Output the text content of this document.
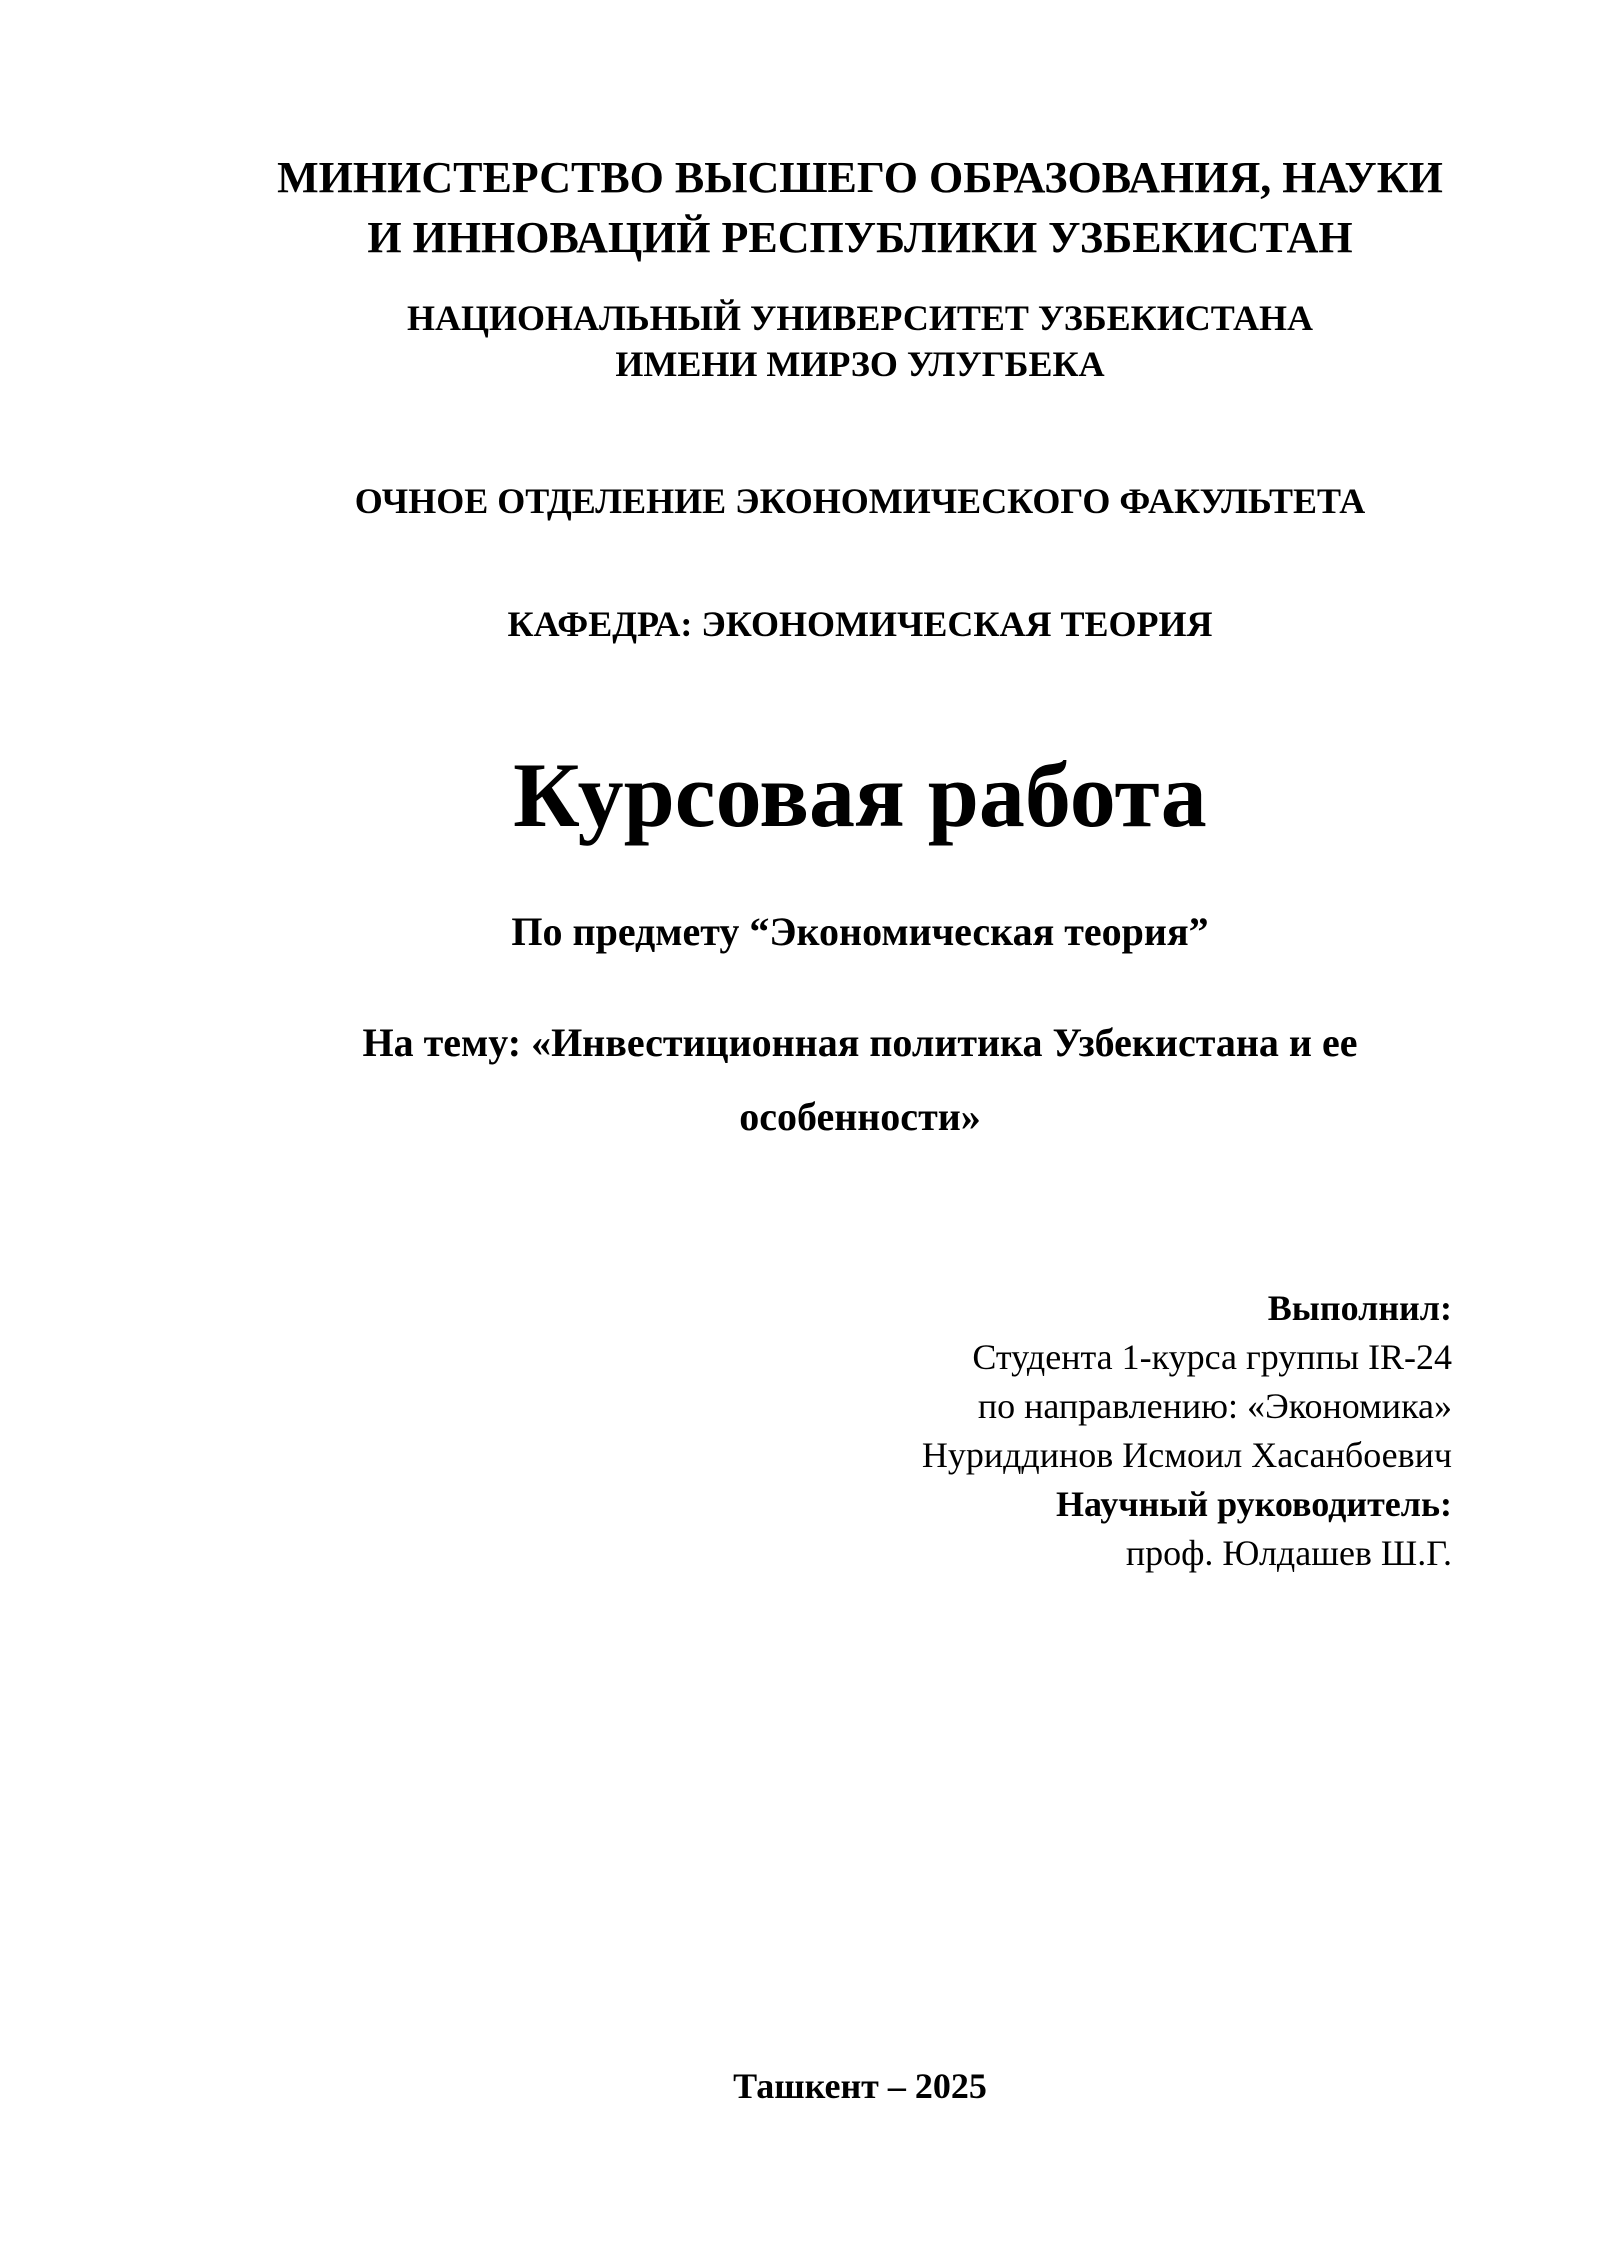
МИНИСТЕРСТВО ВЫСШЕГО ОБРАЗОВАНИЯ, НАУКИ
И ИННОВАЦИЙ РЕСПУБЛИКИ УЗБЕКИСТАН
НАЦИОНАЛЬНЫЙ УНИВЕРСИТЕТ УЗБЕКИСТАНА
ИМЕНИ МИРЗО УЛУГБЕКА
ОЧНОЕ ОТДЕЛЕНИЕ ЭКОНОМИЧЕСКОГО ФАКУЛЬТЕТА
КАФЕДРА: ЭКОНОМИЧЕСКАЯ ТЕОРИЯ
Курсовая работа
По предмету “Экономическая теория”
На тему: «Инвестиционная политика Узбекистана и ее
особенности»
Выполнил:
Студента 1-курса группы IR-24
по направлению: «Экономика»
Нуриддинов Исмоил Хасанбоевич
Научный руководитель:
проф. Юлдашев Ш.Г.
Ташкент – 2025
